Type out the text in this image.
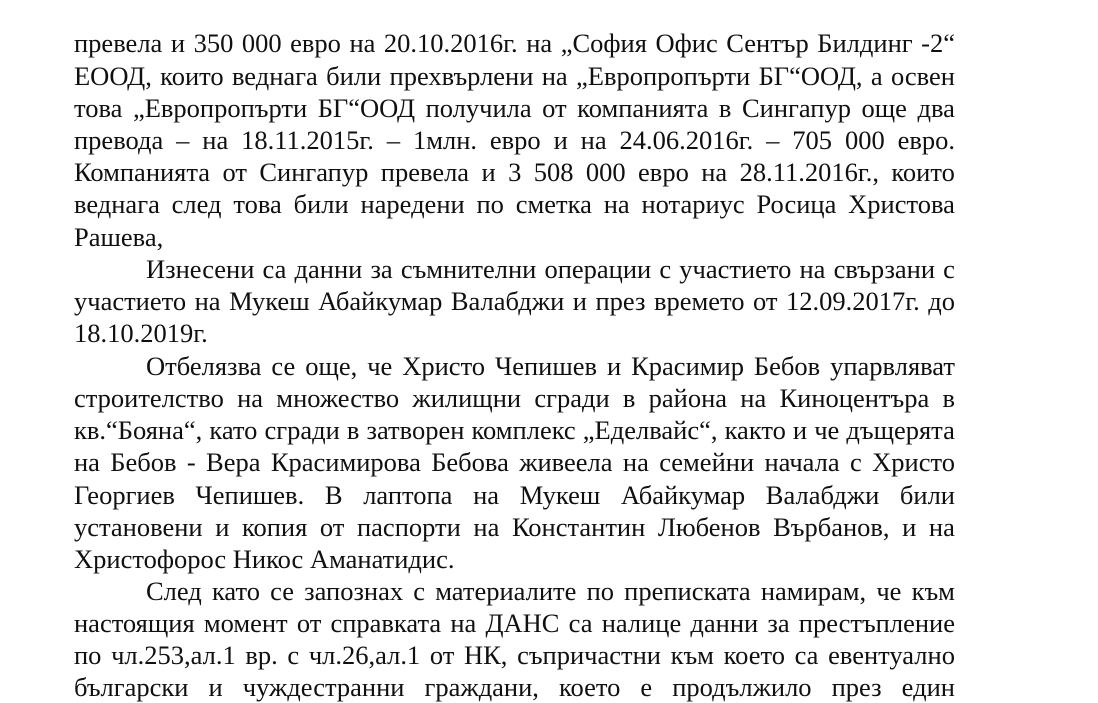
превела и 350 000 евро на 20.10.2016г. на „София Офис Сентър Билдинг -2“
ЕООД, които веднага били прехвърлени на „Европропърти БГ“ООД, а освен
това „Европропърти БГ“ООД получила от компанията в Сингапур още два
превода – на 18.11.2015г. – 1млн. евро и на 24.06.2016г. – 705 000 евро.
Компанията от Сингапур превела и 3 508 000 евро на 28.11.2016г., които
веднага след това били наредени по сметка на нотариус Росица Христова
Рашева,
Изнесени са данни за съмнителни операции с участието на свързани с
участието на Мукеш Абайкумар Валабджи и през времето от 12.09.2017г. до
18.10.2019г.
Отбелязва се още, че Христо Чепишев и Красимир Бебов упарвляват
строителство на множество жилищни сгради в района на Киноцентъра в
кв.“Бояна“, като сгради в затворен комплекс „Еделвайс“, както и че дъщерята
на Бебов - Вера Красимирова Бебова живеела на семейни начала с Христо
Георгиев Чепишев. В лаптопа на Мукеш Абайкумар Валабджи били
установени и копия от паспорти на Константин Любенов Върбанов, и на
Христофорос Никос Аманатидис.
След като се запознах с материалите по преписката намирам, че към
настоящия момент от справката на ДАНС са налице данни за престъпление
по чл.253,ал.1 вр. с чл.26,ал.1 от НК, съпричастни към което са евентуално
български и чуждестранни граждани, което е продължило през един
